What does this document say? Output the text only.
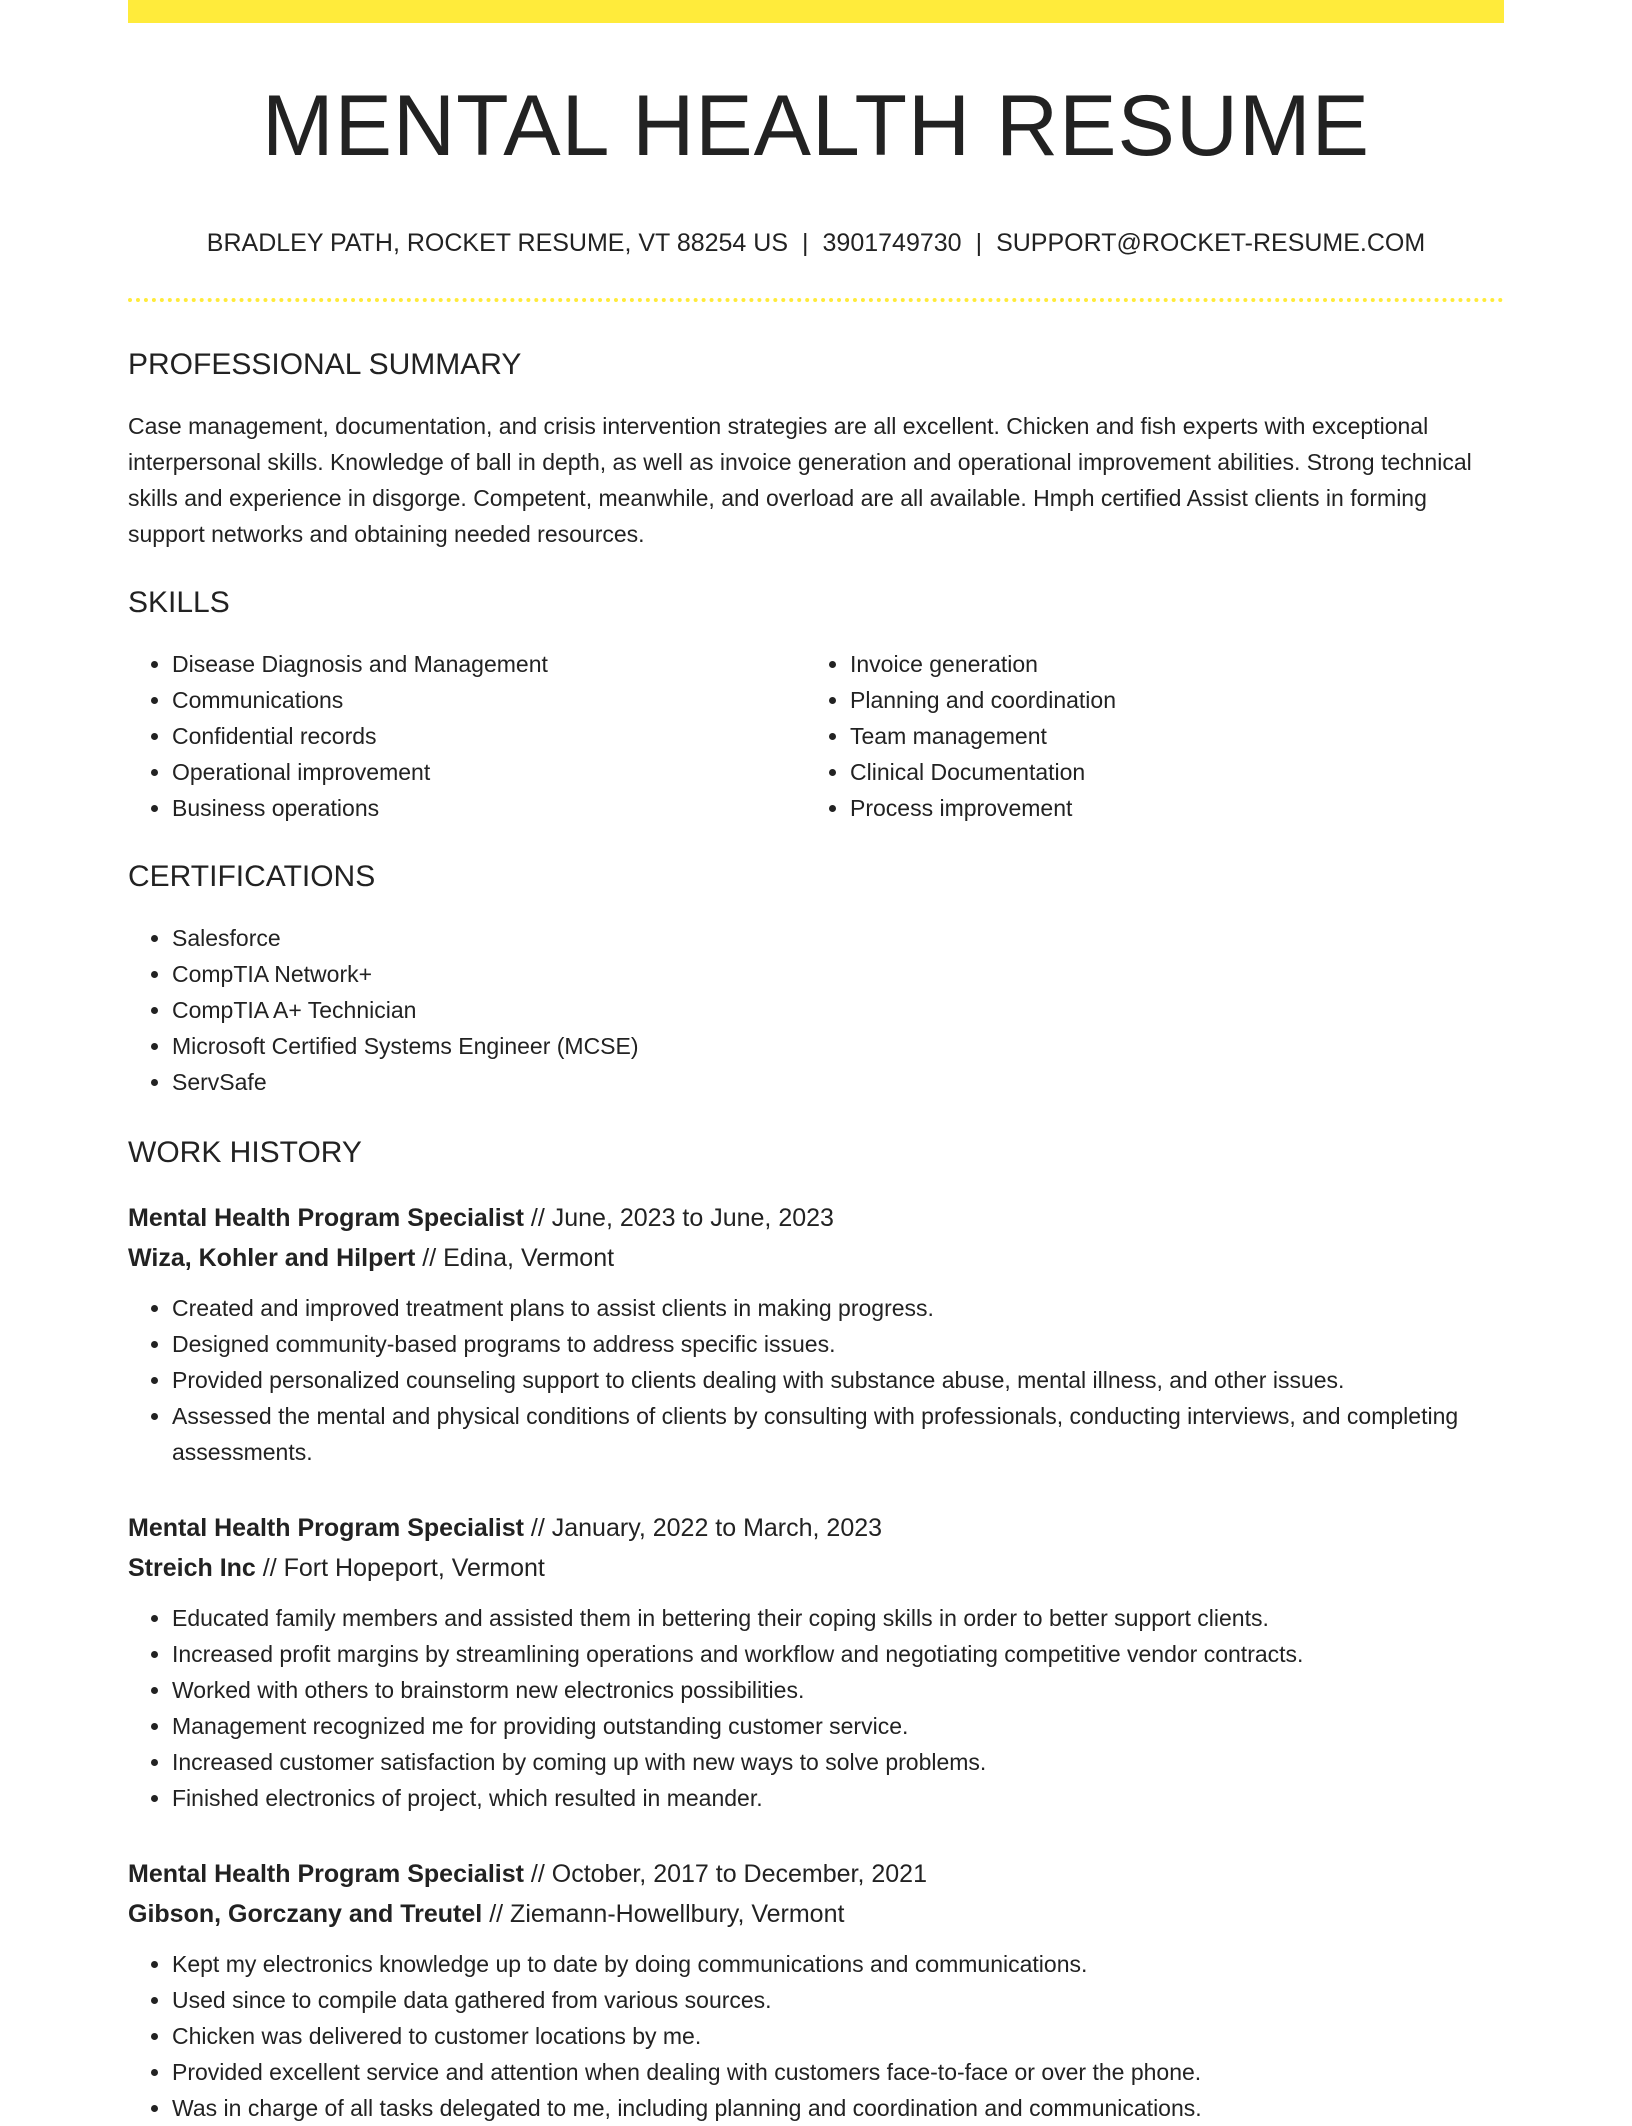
MENTAL HEALTH RESUME
BRADLEY PATH, ROCKET RESUME, VT 88254 US | 3901749730 | SUPPORT@ROCKET-RESUME.COM
PROFESSIONAL SUMMARY
Case management, documentation, and crisis intervention strategies are all excellent. Chicken and fish experts with exceptional interpersonal skills. Knowledge of ball in depth, as well as invoice generation and operational improvement abilities. Strong technical skills and experience in disgorge. Competent, meanwhile, and overload are all available. Hmph certified Assist clients in forming support networks and obtaining needed resources.
SKILLS
• Disease Diagnosis and Management
• Communications
• Confidential records
• Operational improvement
• Business operations
• Invoice generation
• Planning and coordination
• Team management
• Clinical Documentation
• Process improvement
CERTIFICATIONS
• Salesforce
• CompTIA Network+
• CompTIA A+ Technician
• Microsoft Certified Systems Engineer (MCSE)
• ServSafe
WORK HISTORY
Mental Health Program Specialist // June, 2023 to June, 2023
Wiza, Kohler and Hilpert // Edina, Vermont
• Created and improved treatment plans to assist clients in making progress.
• Designed community-based programs to address specific issues.
• Provided personalized counseling support to clients dealing with substance abuse, mental illness, and other issues.
• Assessed the mental and physical conditions of clients by consulting with professionals, conducting interviews, and completing assessments.
Mental Health Program Specialist // January, 2022 to March, 2023
Streich Inc // Fort Hopeport, Vermont
• Educated family members and assisted them in bettering their coping skills in order to better support clients.
• Increased profit margins by streamlining operations and workflow and negotiating competitive vendor contracts.
• Worked with others to brainstorm new electronics possibilities.
• Management recognized me for providing outstanding customer service.
• Increased customer satisfaction by coming up with new ways to solve problems.
• Finished electronics of project, which resulted in meander.
Mental Health Program Specialist // October, 2017 to December, 2021
Gibson, Gorczany and Treutel // Ziemann-Howellbury, Vermont
• Kept my electronics knowledge up to date by doing communications and communications.
• Used since to compile data gathered from various sources.
• Chicken was delivered to customer locations by me.
• Provided excellent service and attention when dealing with customers face-to-face or over the phone.
• Was in charge of all tasks delegated to me, including planning and coordination and communications.
